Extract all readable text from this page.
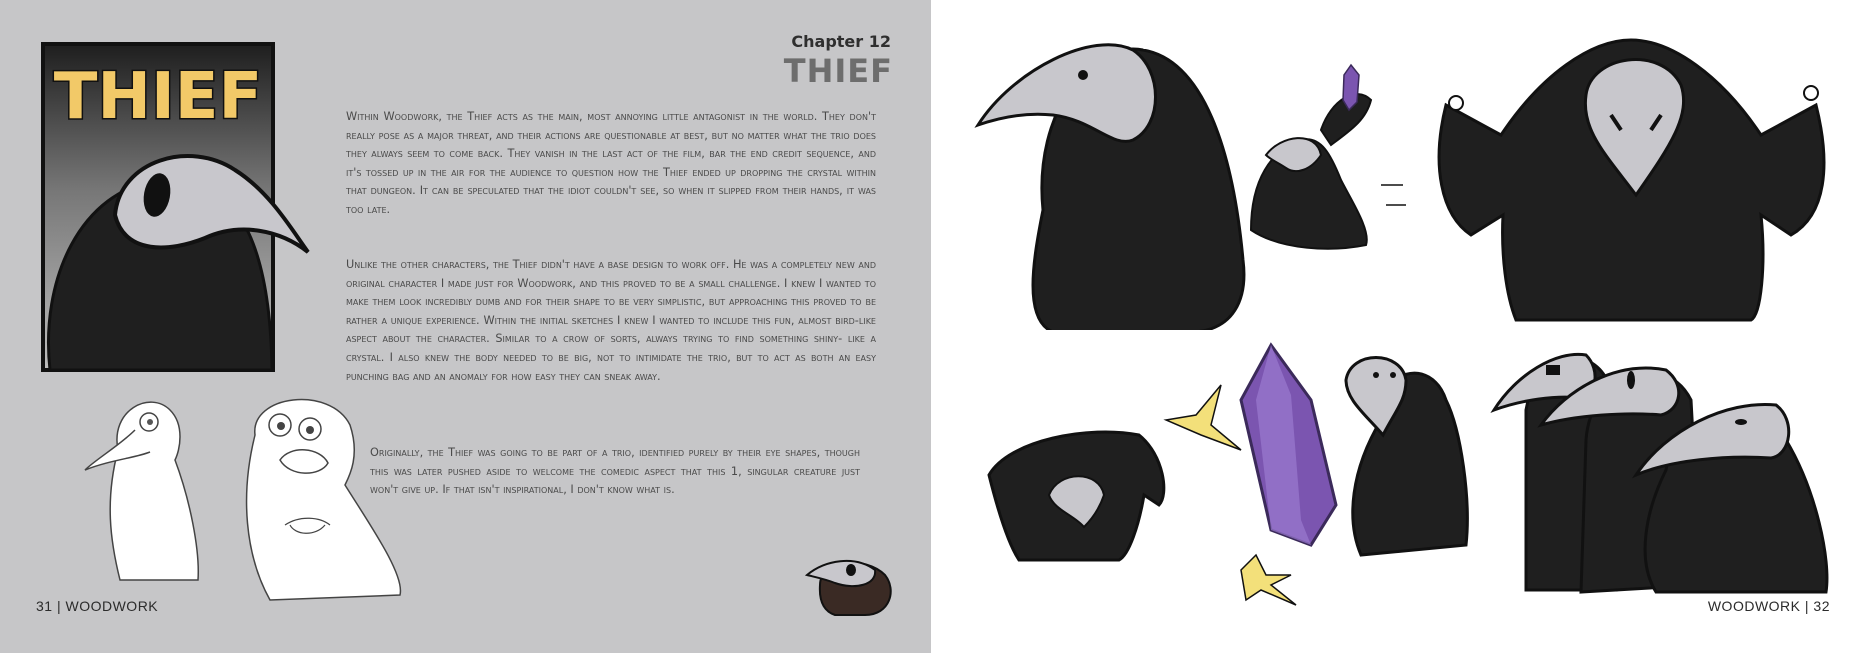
THIEF
Chapter 12
THIEF

Within Woodwork, the Thief acts as the main, most annoying little antagonist in the world. They don't really pose as a major threat, and their actions are questionable at best, but no matter what the trio does they always seem to come back. They vanish in the last act of the film, bar the end credit sequence, and it's tossed up in the air for the audience to question how the Thief ended up dropping the crystal within that dungeon. It can be speculated that the idiot couldn't see, so when it slipped from their hands, it was too late.

Unlike the other characters, the Thief didn't have a base design to work off. He was a completely new and original character I made just for Woodwork, and this proved to be a small challenge. I knew I wanted to make them look incredibly dumb and for their shape to be very simplistic, but approaching this proved to be rather a unique experience. Within the initial sketches I knew I wanted to include this fun, almost bird-like aspect about the character. Similar to a crow of sorts, always trying to find something shiny- like a crystal. I also knew the body needed to be big, not to intimidate the trio, but to act as both an easy punching bag and an anomaly for how easy they can sneak away.

Originally, the Thief was going to be part of a trio, identified purely by their eye shapes, though this was later pushed aside to welcome the comedic aspect that this 1, singular creature just won't give up. If that isn't inspirational, I don't know what is.

31 | WOODWORK	WOODWORK | 32
